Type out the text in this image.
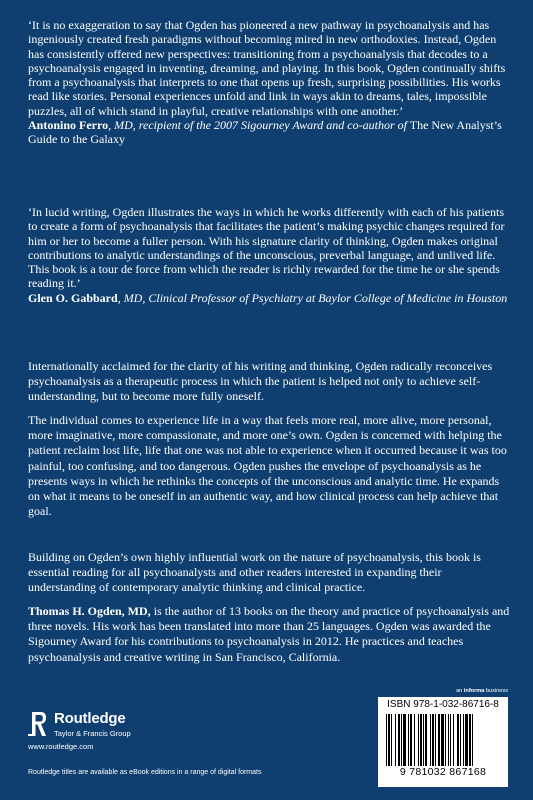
‘It is no exaggeration to say that Ogden has pioneered a new pathway in psychoanalysis and has ingeniously created fresh paradigms without becoming mired in new orthodoxies. Instead, Ogden has consistently offered new perspectives: transitioning from a psychoanalysis that decodes to a psychoanalysis engaged in inventing, dreaming, and playing. In this book, Ogden continually shifts from a psychoanalysis that interprets to one that opens up fresh, surprising possibilities. His works read like stories. Personal experiences unfold and link in ways akin to dreams, tales, impossible puzzles, all of which stand in playful, creative relationships with one another.’

Antonino Ferro, MD, recipient of the 2007 Sigourney Award and co-author of The New Analyst’s Guide to the Galaxy

‘In lucid writing, Ogden illustrates the ways in which he works differently with each of his patients to create a form of psychoanalysis that facilitates the patient’s making psychic changes required for him or her to become a fuller person. With his signature clarity of thinking, Ogden makes original contributions to analytic understandings of the unconscious, preverbal language, and unlived life. This book is a tour de force from which the reader is richly rewarded for the time he or she spends reading it.’

Glen O. Gabbard, MD, Clinical Professor of Psychiatry at Baylor College of Medicine in Houston

Internationally acclaimed for the clarity of his writing and thinking, Ogden radically reconceives psychoanalysis as a therapeutic process in which the patient is helped not only to achieve self-understanding, but to become more fully oneself.

The individual comes to experience life in a way that feels more real, more alive, more personal, more imaginative, more compassionate, and more one’s own. Ogden is concerned with helping the patient reclaim lost life, life that one was not able to experience when it occurred because it was too painful, too confusing, and too dangerous. Ogden pushes the envelope of psychoanalysis as he presents ways in which he rethinks the concepts of the unconscious and analytic time. He expands on what it means to be oneself in an authentic way, and how clinical process can help achieve that goal.

Building on Ogden’s own highly influential work on the nature of psychoanalysis, this book is essential reading for all psychoanalysts and other readers interested in expanding their understanding of contemporary analytic thinking and clinical practice.

Thomas H. Ogden, MD, is the author of 13 books on the theory and practice of psychoanalysis and three novels. His work has been translated into more than 25 languages. Ogden was awarded the Sigourney Award for his contributions to psychoanalysis in 2012. He practices and teaches psychoanalysis and creative writing in San Francisco, California.

an informa business
Routledge
Taylor & Francis Group
www.routledge.com
Routledge titles are available as eBook editions in a range of digital formats
ISBN 978-1-032-86716-8
9 781032 867168
